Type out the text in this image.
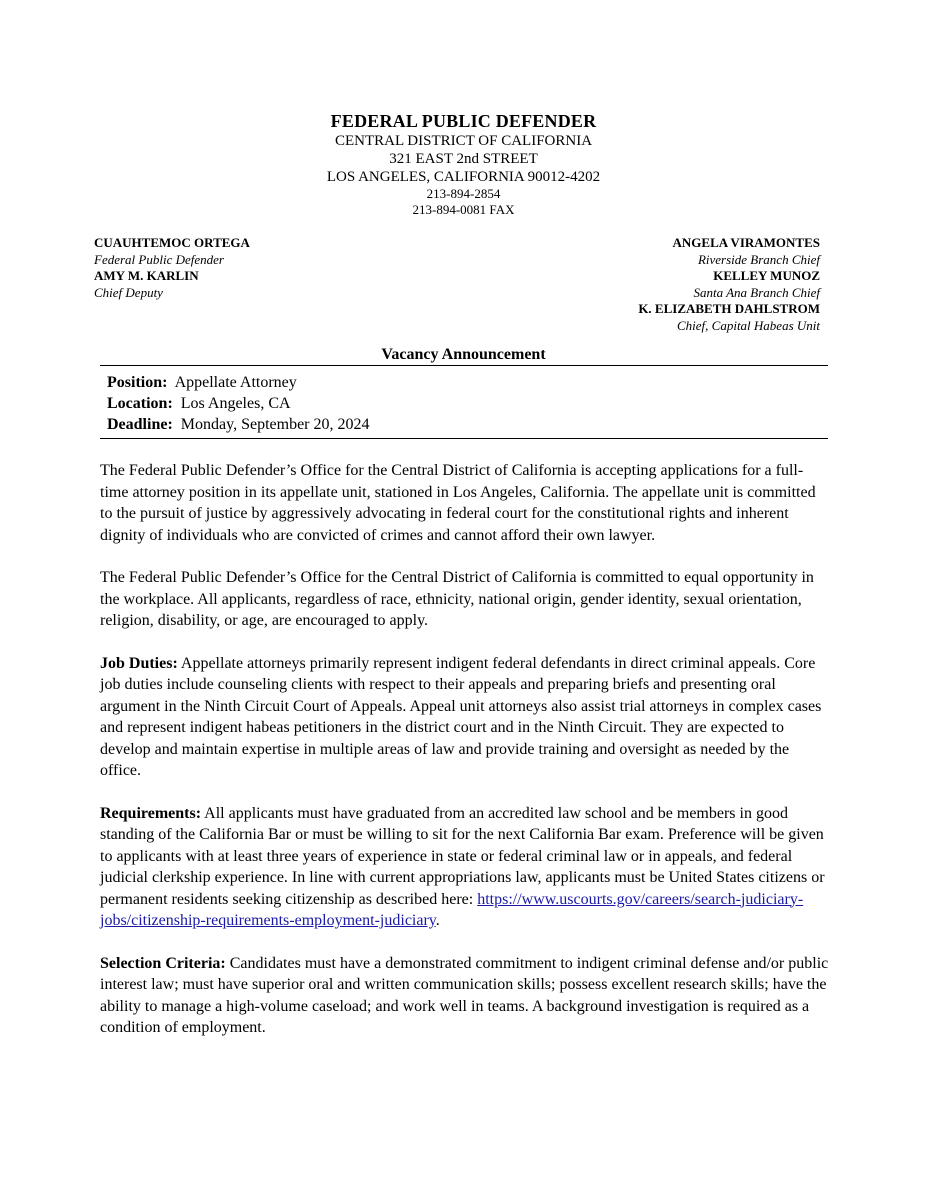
FEDERAL PUBLIC DEFENDER
CENTRAL DISTRICT OF CALIFORNIA
321 EAST 2nd STREET
LOS ANGELES, CALIFORNIA 90012-4202
213-894-2854
213-894-0081 FAX
CUAUHTEMOC ORTEGA
Federal Public Defender
AMY M. KARLIN
Chief Deputy
ANGELA VIRAMONTES
Riverside Branch Chief
KELLEY MUNOZ
Santa Ana Branch Chief
K. ELIZABETH DAHLSTROM
Chief, Capital Habeas Unit
Vacancy Announcement
Position: Appellate Attorney
Location: Los Angeles, CA
Deadline: Monday, September 20, 2024

The Federal Public Defender’s Office for the Central District of California is accepting applications for a full-time attorney position in its appellate unit, stationed in Los Angeles, California. The appellate unit is committed to the pursuit of justice by aggressively advocating in federal court for the constitutional rights and inherent dignity of individuals who are convicted of crimes and cannot afford their own lawyer.

The Federal Public Defender’s Office for the Central District of California is committed to equal opportunity in the workplace. All applicants, regardless of race, ethnicity, national origin, gender identity, sexual orientation, religion, disability, or age, are encouraged to apply.

Job Duties: Appellate attorneys primarily represent indigent federal defendants in direct criminal appeals. Core job duties include counseling clients with respect to their appeals and preparing briefs and presenting oral argument in the Ninth Circuit Court of Appeals. Appeal unit attorneys also assist trial attorneys in complex cases and represent indigent habeas petitioners in the district court and in the Ninth Circuit. They are expected to develop and maintain expertise in multiple areas of law and provide training and oversight as needed by the office.

Requirements: All applicants must have graduated from an accredited law school and be members in good standing of the California Bar or must be willing to sit for the next California Bar exam. Preference will be given to applicants with at least three years of experience in state or federal criminal law or in appeals, and federal judicial clerkship experience. In line with current appropriations law, applicants must be United States citizens or permanent residents seeking citizenship as described here: https://www.uscourts.gov/careers/search-judiciary-jobs/citizenship-requirements-employment-judiciary.

Selection Criteria: Candidates must have a demonstrated commitment to indigent criminal defense and/or public interest law; must have superior oral and written communication skills; possess excellent research skills; have the ability to manage a high-volume caseload; and work well in teams. A background investigation is required as a condition of employment.
